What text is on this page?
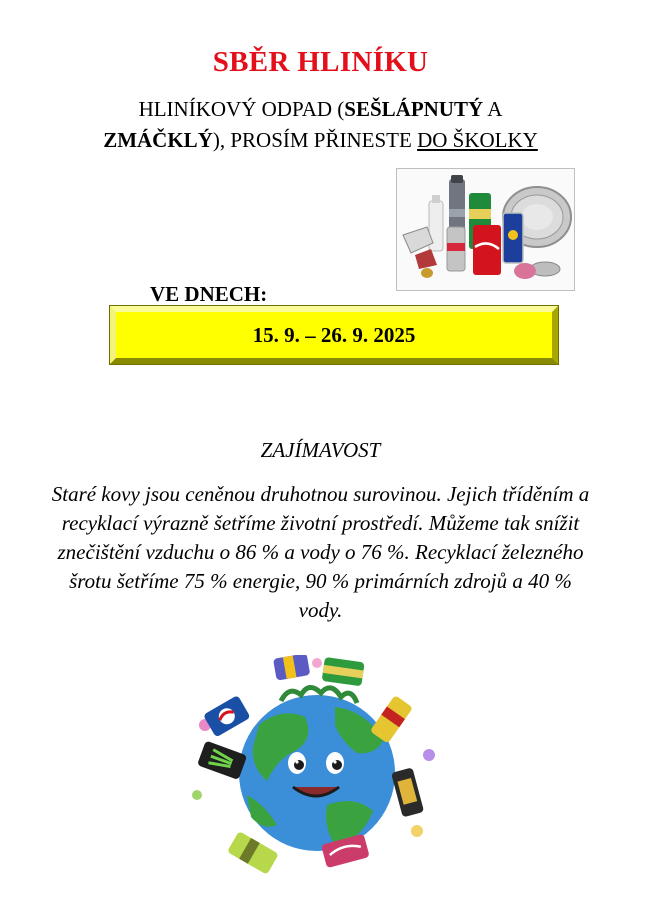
SBĚR HLINÍKU
HLINÍKOVÝ ODPAD (SEŠLÁPNUTÝ A
ZMÁČKLÝ), PROSÍM PŘINESTE DO ŠKOLKY
VE DNECH:
15. 9. – 26. 9. 2025
ZAJÍMAVOST
Staré kovy jsou ceněnou druhotnou surovinou. Jejich tříděním a recyklací výrazně šetříme životní prostředí. Můžeme tak snížit znečištění vzduchu o 86 % a vody o 76 %. Recyklací železného šrotu šetříme 75 % energie, 90 % primárních zdrojů a 40 % vody.
